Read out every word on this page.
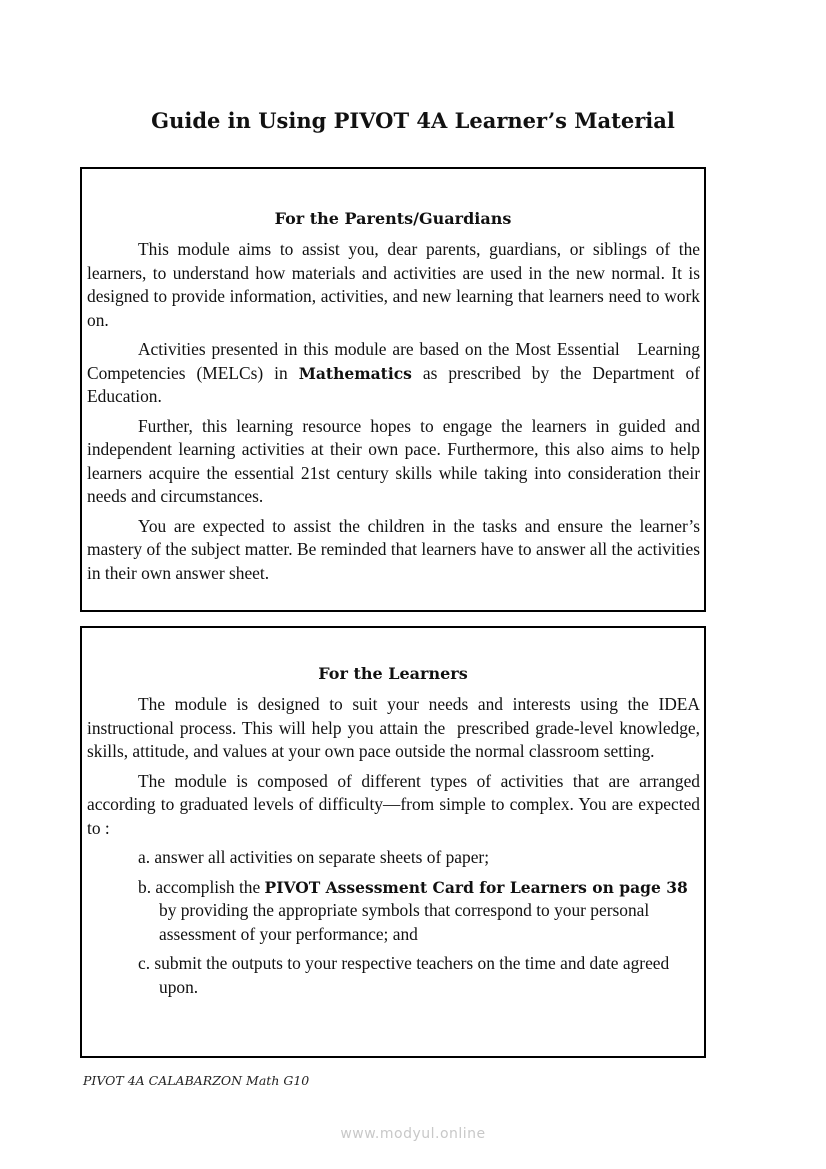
Guide in Using PIVOT 4A Learner’s Material
For the Parents/Guardians

This module aims to assist you, dear parents, guardians, or siblings of the learners, to understand how materials and activities are used in the new normal. It is designed to provide information, activities, and new learning that learners need to work on.

Activities presented in this module are based on the Most Essential   Learning Competencies (MELCs) in Mathematics as prescribed by the Department of Education.

Further, this learning resource hopes to engage the learners in guided and independent learning activities at their own pace. Furthermore, this also aims to help learners acquire the essential 21st century skills while taking into consideration their needs and circumstances.

You are expected to assist the children in the tasks and ensure the learner’s mastery of the subject matter. Be reminded that learners have to answer all the activities in their own answer sheet.

For the Learners

The module is designed to suit your needs and interests using the IDEA instructional process. This will help you attain the  prescribed grade-level knowledge, skills, attitude, and values at your own pace outside the normal classroom setting.

The module is composed of different types of activities that are arranged according to graduated levels of difficulty—from simple to complex. You are expected to :

a. answer all activities on separate sheets of paper;
b. accomplish the PIVOT Assessment Card for Learners on page 38 by providing the appropriate symbols that correspond to your personal assessment of your performance; and
c. submit the outputs to your respective teachers on the time and date agreed upon.
PIVOT 4A CALABARZON Math G10
www.modyul.online
